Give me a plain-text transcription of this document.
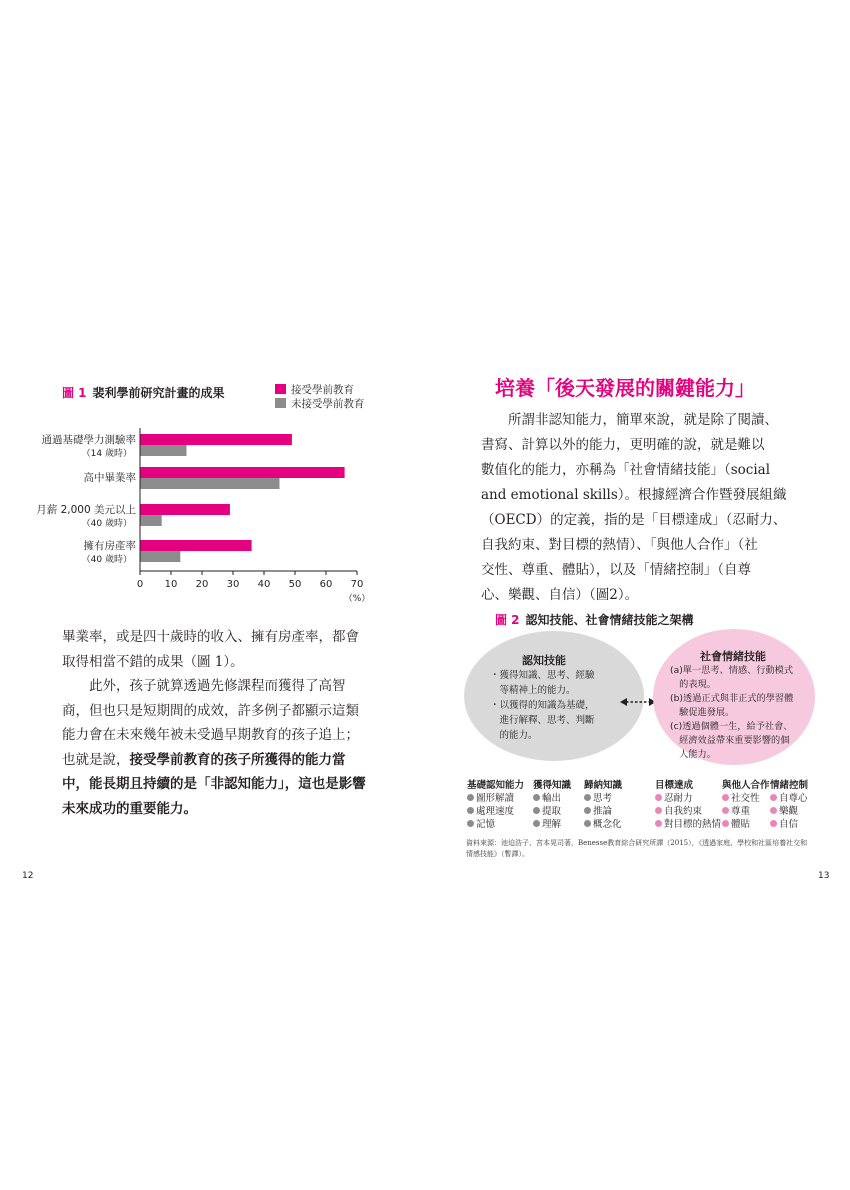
圖 1 裴利學前研究計畫的成果	接受學前教育
未接受學前教育
通過基礎學力測驗率
（14 歲時）
高中畢業率
月薪 2,000 美元以上
（40 歲時）
擁有房產率
（40 歲時）
0 10 20 30 40 50 60 70
（%）

畢業率，或是四十歲時的收入、擁有房產率，都會取得相當不錯的成果（圖 1）。

此外，孩子就算透過先修課程而獲得了高智商，但也只是短期間的成效，許多例子都顯示這類能力會在未來幾年被未受過早期教育的孩子追上；也就是說，接受學前教育的孩子所獲得的能力當中，能長期且持續的是「非認知能力」，這也是影響未來成功的重要能力。

12
培養「後天發展的關鍵能力」
所謂非認知能力，簡單來說，就是除了閱讀、
書寫、計算以外的能力，更明確的說，就是難以
數值化的能力，亦稱為「社會情緒技能」（social
and emotional skills）。根據經濟合作暨發展組織
（OECD）的定義，指的是「目標達成」（忍耐力、
自我約束、對目標的熱情）、「與他人合作」（社
交性、尊重、體貼），以及「情緒控制」（自尊
心、樂觀、自信）（圖2）。
圖 2 認知技能、社會情緒技能之架構
認知技能
・獲得知識、思考、經驗
　等精神上的能力。
・以獲得的知識為基礎，
　進行解釋、思考、判斷
　的能力。
社會情緒技能
(a)單一思考、情感、行動模式
　的表現。
(b)透過正式與非正式的學習體
　驗促進發展。
(c)透過個體一生，給予社會、
　經濟效益帶來重要影響的個
　人能力。
基礎認知能力
圖形解讀
處理速度
記憶
獲得知識
輸出
提取
理解
歸納知識
思考
推論
概念化
目標達成
忍耐力
自我約束
對目標的熱情
與他人合作
社交性
尊重
體貼
情緒控制
自尊心
樂觀
自信
資料來源：池迫浩子、宮本晃司著，Benesse教育綜合研究所譯（2015），《透過家庭、學校和社區培養社交和情感技能》（暫譯）。
13
